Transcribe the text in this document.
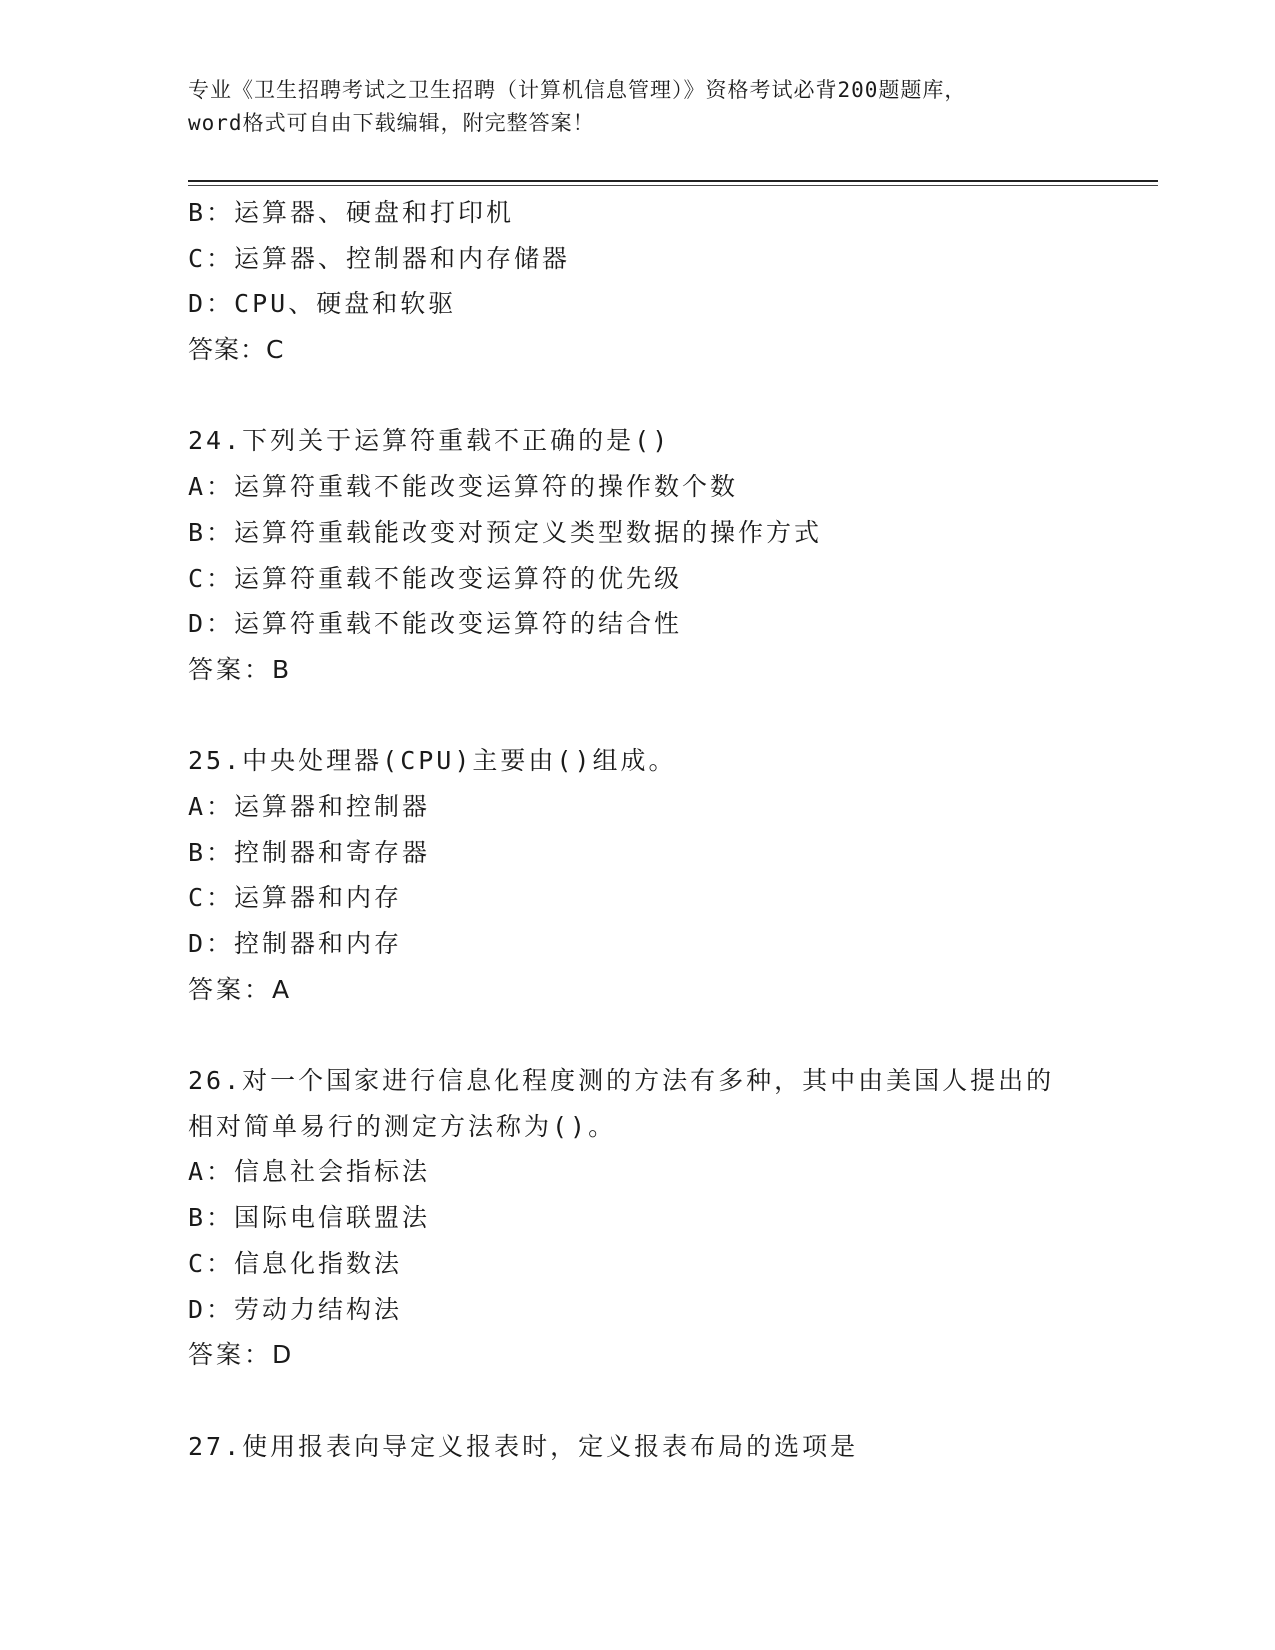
专业《卫生招聘考试之卫生招聘（计算机信息管理）》资格考试必背200题题库，
word格式可自由下载编辑，附完整答案！
B：运算器、硬盘和打印机
C：运算器、控制器和内存储器
D：CPU、硬盘和软驱
答案：C
24.下列关于运算符重载不正确的是()
A：运算符重载不能改变运算符的操作数个数
B：运算符重载能改变对预定义类型数据的操作方式
C：运算符重载不能改变运算符的优先级
D：运算符重载不能改变运算符的结合性
答案：B
25.中央处理器(CPU)主要由()组成。
A：运算器和控制器
B：控制器和寄存器
C：运算器和内存
D：控制器和内存
答案：A
26.对一个国家进行信息化程度测的方法有多种，其中由美国人提出的
相对简单易行的测定方法称为()。
A：信息社会指标法
B：国际电信联盟法
C：信息化指数法
D：劳动力结构法
答案：D
27.使用报表向导定义报表时，定义报表布局的选项是
